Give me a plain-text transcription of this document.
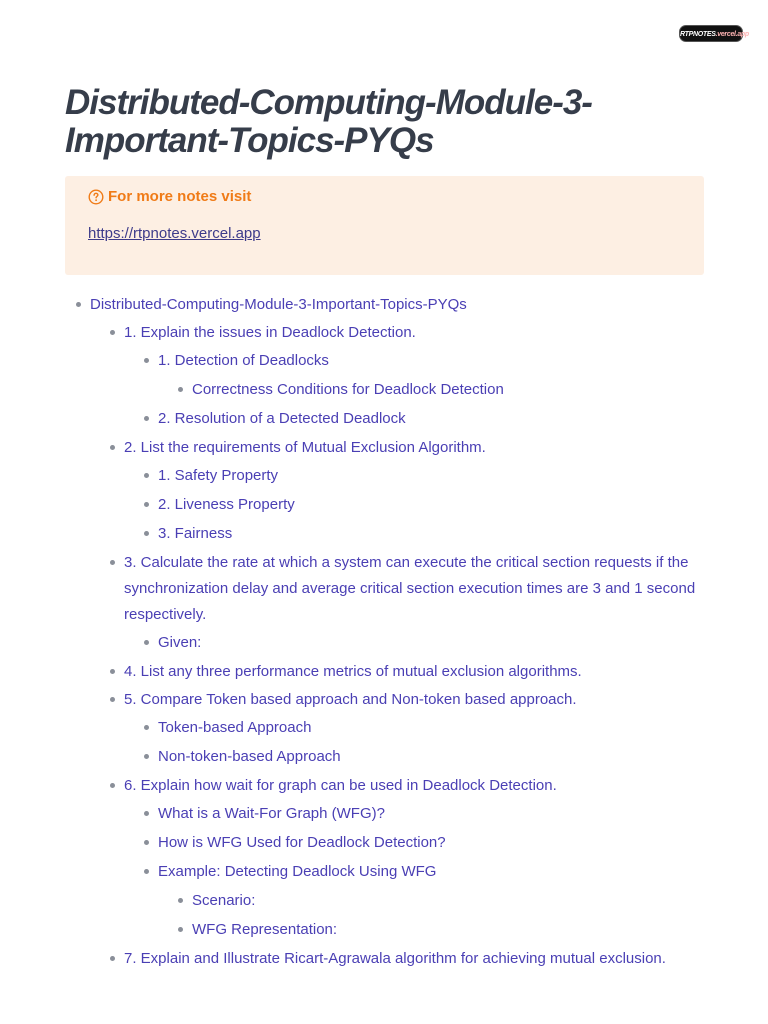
RTPNOTES.vercel.app
Distributed-Computing-Module-3-Important-Topics-PYQs
For more notes visit
https://rtpnotes.vercel.app
Distributed-Computing-Module-3-Important-Topics-PYQs
1. Explain the issues in Deadlock Detection.
1. Detection of Deadlocks
Correctness Conditions for Deadlock Detection
2. Resolution of a Detected Deadlock
2. List the requirements of Mutual Exclusion Algorithm.
1. Safety Property
2. Liveness Property
3. Fairness
3. Calculate the rate at which a system can execute the critical section requests if the synchronization delay and average critical section execution times are 3 and 1 second respectively.
Given:
4. List any three performance metrics of mutual exclusion algorithms.
5. Compare Token based approach and Non-token based approach.
Token-based Approach
Non-token-based Approach
6. Explain how wait for graph can be used in Deadlock Detection.
What is a Wait-For Graph (WFG)?
How is WFG Used for Deadlock Detection?
Example: Detecting Deadlock Using WFG
Scenario:
WFG Representation:
7. Explain and Illustrate Ricart-Agrawala algorithm for achieving mutual exclusion.
